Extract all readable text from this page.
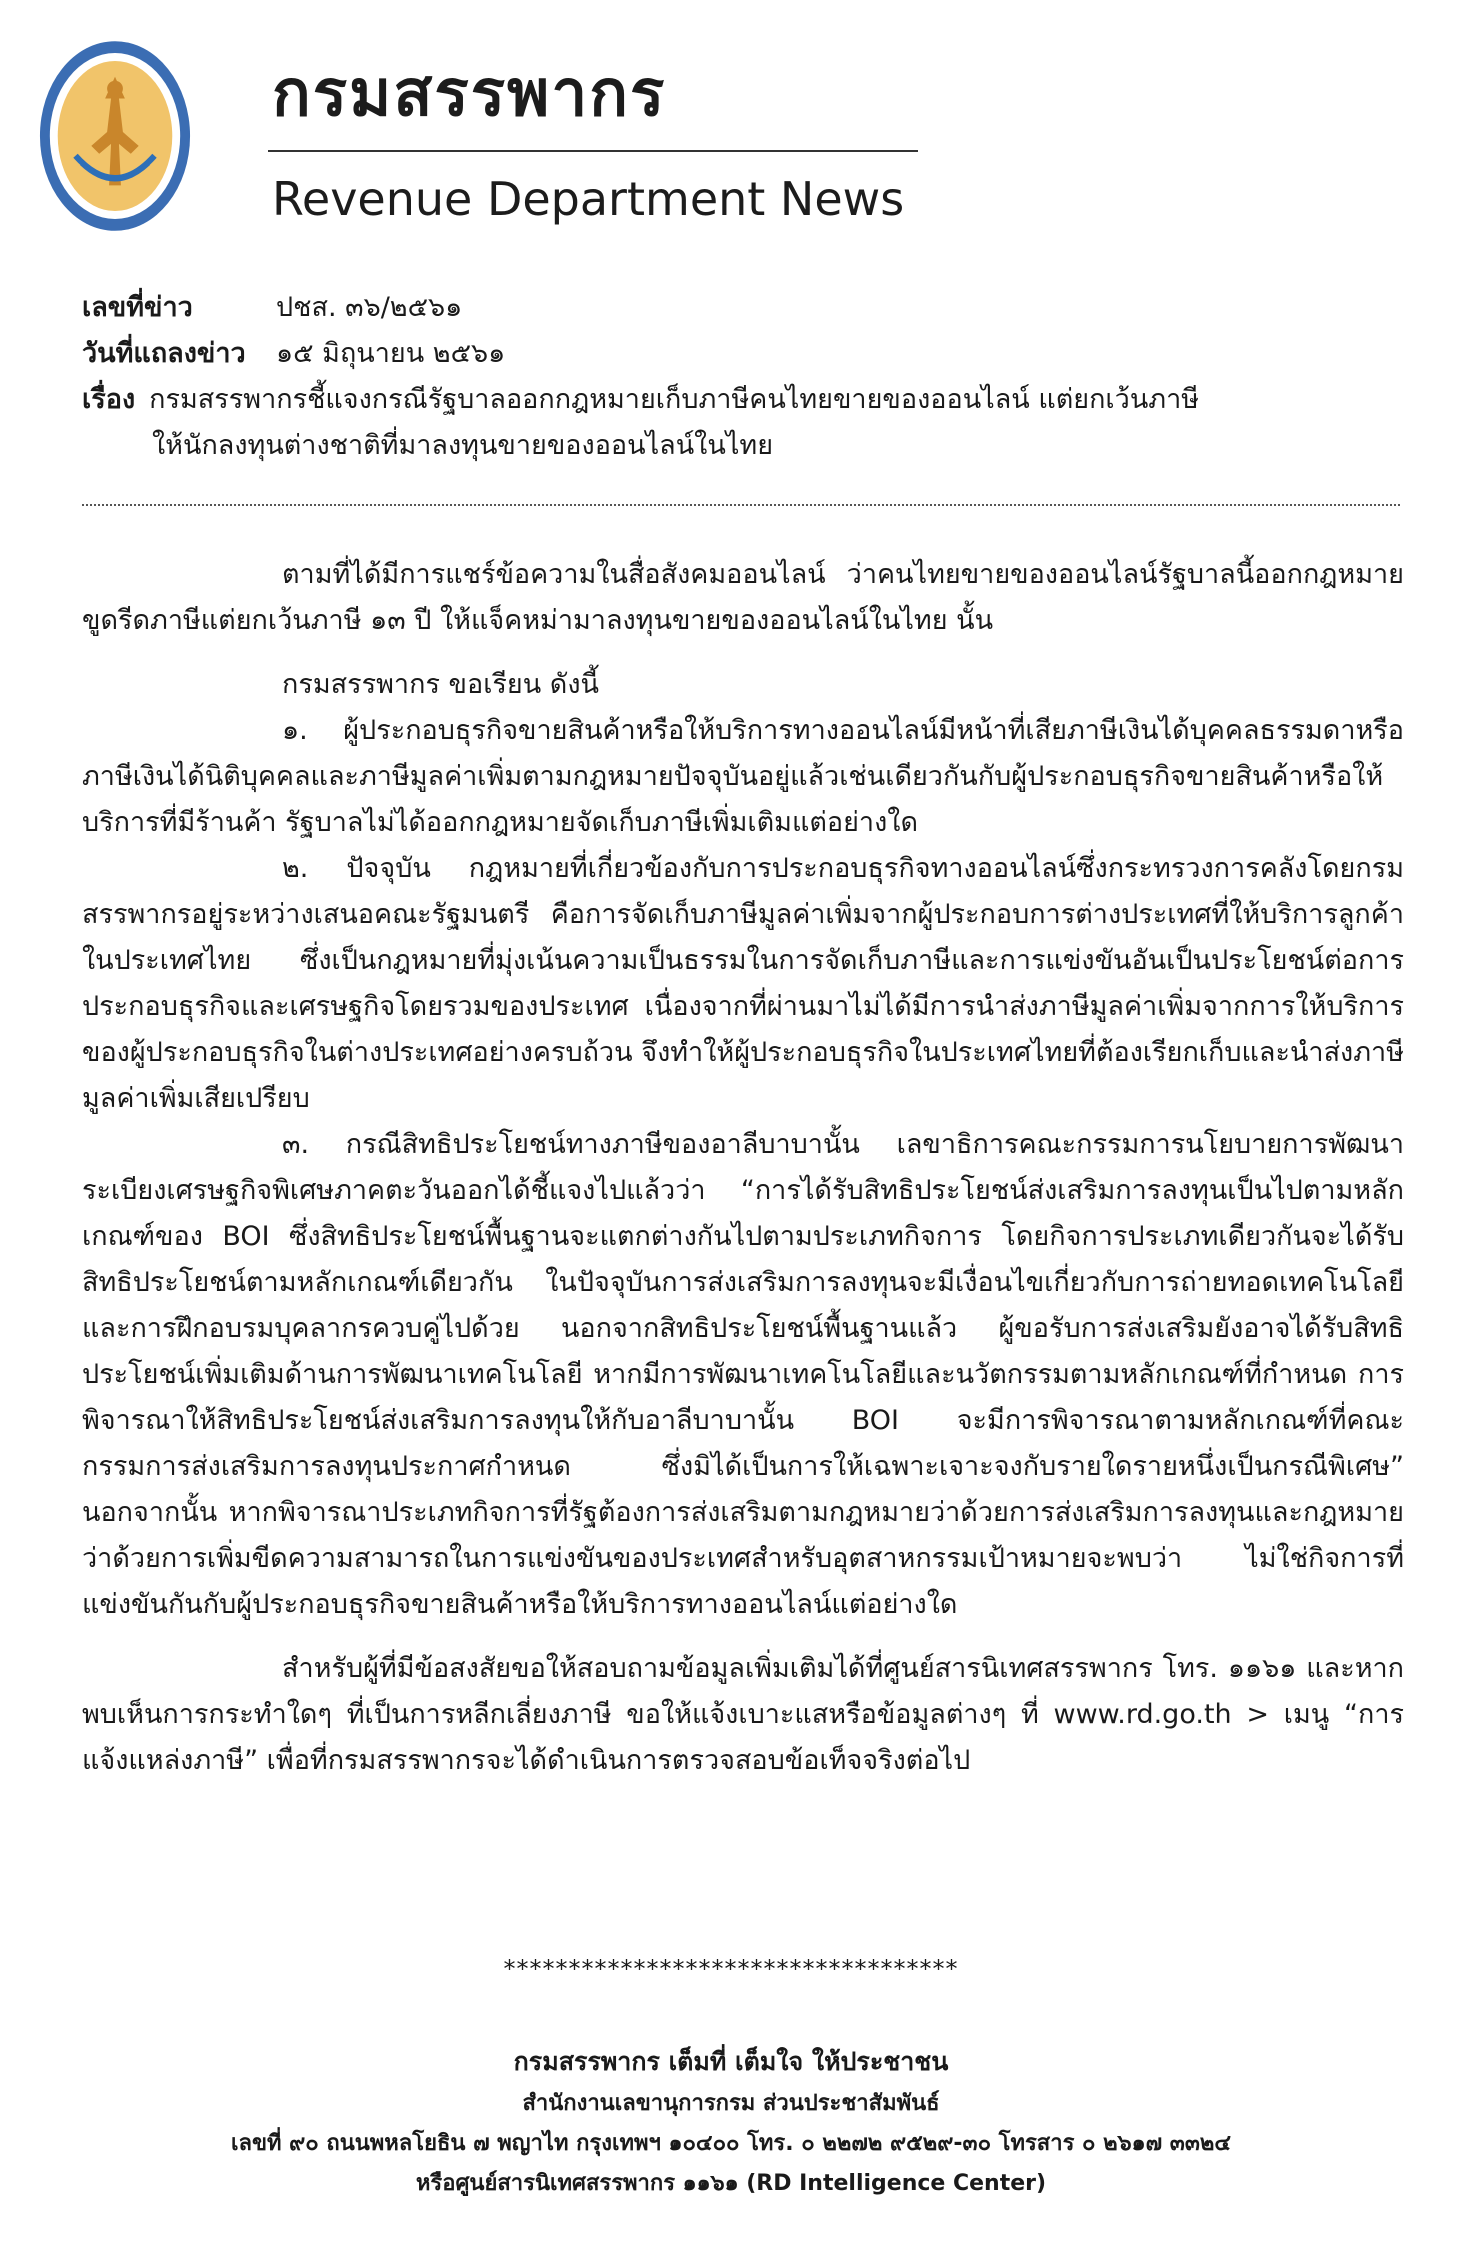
กรมสรรพากร
Revenue Department News
เลขที่ข่าว	ปชส. ๓๖/๒๕๖๑
วันที่แถลงข่าว	๑๕ มิถุนายน ๒๕๖๑
เรื่อง กรมสรรพากรชี้แจงกรณีรัฐบาลออกกฎหมายเก็บภาษีคนไทยขายของออนไลน์ แต่ยกเว้นภาษี
ให้นักลงทุนต่างชาติที่มาลงทุนขายของออนไลน์ในไทย

ตามที่ได้มีการแชร์ข้อความในสื่อสังคมออนไลน์ ว่าคนไทยขายของออนไลน์รัฐบาลนี้ออกกฎหมายขูดรีดภาษีแต่ยกเว้นภาษี ๑๓ ปี ให้แจ็คหม่ามาลงทุนขายของออนไลน์ในไทย นั้น

กรมสรรพากร ขอเรียน ดังนี้

๑. ผู้ประกอบธุรกิจขายสินค้าหรือให้บริการทางออนไลน์มีหน้าที่เสียภาษีเงินได้บุคคลธรรมดาหรือภาษีเงินได้นิติบุคคลและภาษีมูลค่าเพิ่มตามกฎหมายปัจจุบันอยู่แล้วเช่นเดียวกันกับผู้ประกอบธุรกิจขายสินค้าหรือให้บริการที่มีร้านค้า รัฐบาลไม่ได้ออกกฎหมายจัดเก็บภาษีเพิ่มเติมแต่อย่างใด

๒. ปัจจุบัน กฎหมายที่เกี่ยวข้องกับการประกอบธุรกิจทางออนไลน์ซึ่งกระทรวงการคลังโดยกรมสรรพากรอยู่ระหว่างเสนอคณะรัฐมนตรี คือการจัดเก็บภาษีมูลค่าเพิ่มจากผู้ประกอบการต่างประเทศที่ให้บริการลูกค้าในประเทศไทย ซึ่งเป็นกฎหมายที่มุ่งเน้นความเป็นธรรมในการจัดเก็บภาษีและการแข่งขันอันเป็นประโยชน์ต่อการประกอบธุรกิจและเศรษฐกิจโดยรวมของประเทศ เนื่องจากที่ผ่านมาไม่ได้มีการนำส่งภาษีมูลค่าเพิ่มจากการให้บริการของผู้ประกอบธุรกิจในต่างประเทศอย่างครบถ้วน จึงทำให้ผู้ประกอบธุรกิจในประเทศไทยที่ต้องเรียกเก็บและนำส่งภาษีมูลค่าเพิ่มเสียเปรียบ

๓. กรณีสิทธิประโยชน์ทางภาษีของอาลีบาบานั้น เลขาธิการคณะกรรมการนโยบายการพัฒนาระเบียงเศรษฐกิจพิเศษภาคตะวันออกได้ชี้แจงไปแล้วว่า “การได้รับสิทธิประโยชน์ส่งเสริมการลงทุนเป็นไปตามหลักเกณฑ์ของ BOI ซึ่งสิทธิประโยชน์พื้นฐานจะแตกต่างกันไปตามประเภทกิจการ โดยกิจการประเภทเดียวกันจะได้รับสิทธิประโยชน์ตามหลักเกณฑ์เดียวกัน ในปัจจุบันการส่งเสริมการลงทุนจะมีเงื่อนไขเกี่ยวกับการถ่ายทอดเทคโนโลยีและการฝึกอบรมบุคลากรควบคู่ไปด้วย นอกจากสิทธิประโยชน์พื้นฐานแล้ว ผู้ขอรับการส่งเสริมยังอาจได้รับสิทธิประโยชน์เพิ่มเติมด้านการพัฒนาเทคโนโลยี หากมีการพัฒนาเทคโนโลยีและนวัตกรรมตามหลักเกณฑ์ที่กำหนด การพิจารณาให้สิทธิประโยชน์ส่งเสริมการลงทุนให้กับอาลีบาบานั้น BOI จะมีการพิจารณาตามหลักเกณฑ์ที่คณะกรรมการส่งเสริมการลงทุนประกาศกำหนด ซึ่งมิได้เป็นการให้เฉพาะเจาะจงกับรายใดรายหนึ่งเป็นกรณีพิเศษ” นอกจากนั้น หากพิจารณาประเภทกิจการที่รัฐต้องการส่งเสริมตามกฎหมายว่าด้วยการส่งเสริมการลงทุนและกฎหมายว่าด้วยการเพิ่มขีดความสามารถในการแข่งขันของประเทศสำหรับอุตสาหกรรมเป้าหมายจะพบว่า ไม่ใช่กิจการที่แข่งขันกันกับผู้ประกอบธุรกิจขายสินค้าหรือให้บริการทางออนไลน์แต่อย่างใด

สำหรับผู้ที่มีข้อสงสัยขอให้สอบถามข้อมูลเพิ่มเติมได้ที่ศูนย์สารนิเทศสรรพากร โทร. ๑๑๖๑ และหากพบเห็นการกระทำใดๆ ที่เป็นการหลีกเลี่ยงภาษี ขอให้แจ้งเบาะแสหรือข้อมูลต่างๆ ที่ www.rd.go.th > เมนู “การแจ้งแหล่งภาษี” เพื่อที่กรมสรรพากรจะได้ดำเนินการตรวจสอบข้อเท็จจริงต่อไป

***********************************
กรมสรรพากร เต็มที่ เต็มใจ ให้ประชาชน
สำนักงานเลขานุการกรม ส่วนประชาสัมพันธ์
เลขที่ ๙๐ ถนนพหลโยธิน ๗ พญาไท กรุงเทพฯ ๑๐๔๐๐ โทร. ๐ ๒๒๗๒ ๙๕๒๙-๓๐ โทรสาร ๐ ๒๖๑๗ ๓๓๒๔
หรือศูนย์สารนิเทศสรรพากร ๑๑๖๑ (RD Intelligence Center)
